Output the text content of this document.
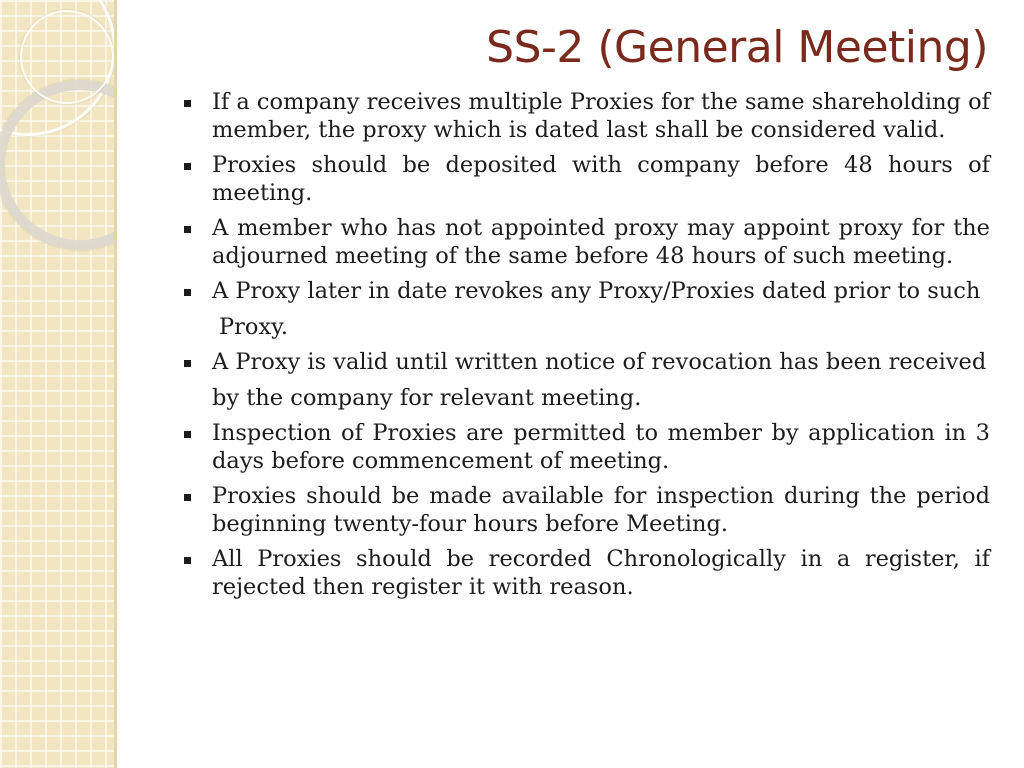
SS-2 (General Meeting)
If a company receives multiple Proxies for the same shareholding of member, the proxy which is dated last shall be considered valid.
Proxies should be deposited with company before 48 hours of meeting.
A member who has not appointed proxy may appoint proxy for the adjourned meeting of the same before 48 hours of such meeting.
A Proxy later in date revokes any Proxy/Proxies dated prior to such
Proxy.
A Proxy is valid until written notice of revocation has been received
by the company for relevant meeting.
Inspection of Proxies are permitted to member by application in 3 days before commencement of meeting.
Proxies should be made available for inspection during the period beginning twenty-four hours before Meeting.
All Proxies should be recorded Chronologically in a register, if rejected then register it with reason.
